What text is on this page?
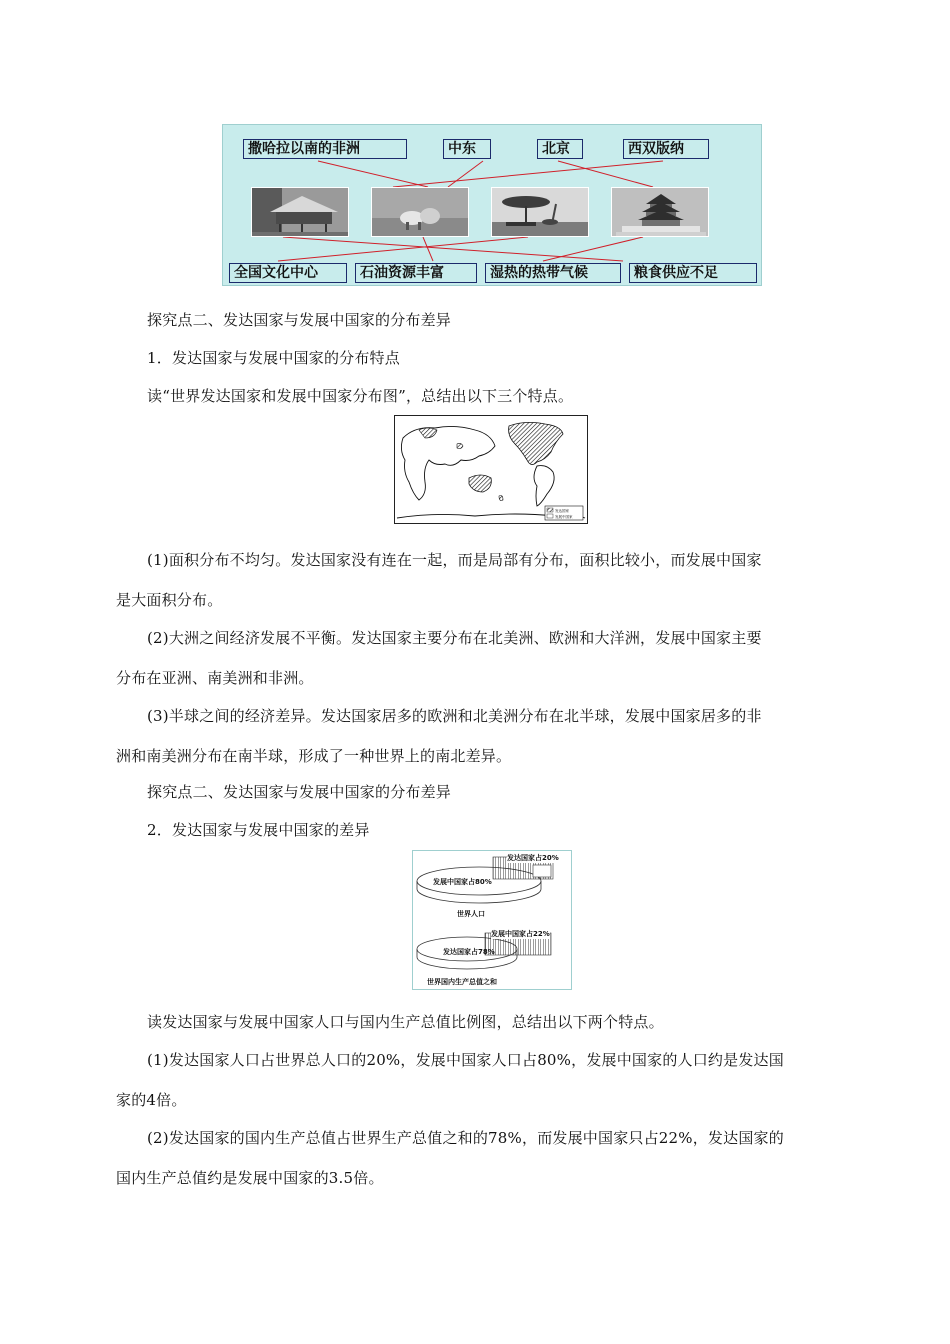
撒哈拉以南的非洲	中东	北京	西双版纳
全国文化中心	石油资源丰富	湿热的热带气候	粮食供应不足
探究点二、发达国家与发展中国家的分布差异
1．发达国家与发展中国家的分布特点
读“世界发达国家和发展中国家分布图”，总结出以下三个特点。
发达国家
发展中国家
(1)面积分布不均匀。发达国家没有连在一起，而是局部有分布，面积比较小，而发展中国家
是大面积分布。
(2)大洲之间经济发展不平衡。发达国家主要分布在北美洲、欧洲和大洋洲，发展中国家主要
分布在亚洲、南美洲和非洲。
(3)半球之间的经济差异。发达国家居多的欧洲和北美洲分布在北半球，发展中国家居多的非
洲和南美洲分布在南半球，形成了一种世界上的南北差异。
探究点二、发达国家与发展中国家的分布差异
2．发达国家与发展中国家的差异
发达国家占20%
发展中国家占80%
世界人口
发展中国家占22%
发达国家占78%
世界国内生产总值之和
读发达国家与发展中国家人口与国内生产总值比例图，总结出以下两个特点。
(1)发达国家人口占世界总人口的20%，发展中国家人口占80%，发展中国家的人口约是发达国
家的4倍。
(2)发达国家的国内生产总值占世界生产总值之和的78%，而发展中国家只占22%，发达国家的
国内生产总值约是发展中国家的3.5倍。
